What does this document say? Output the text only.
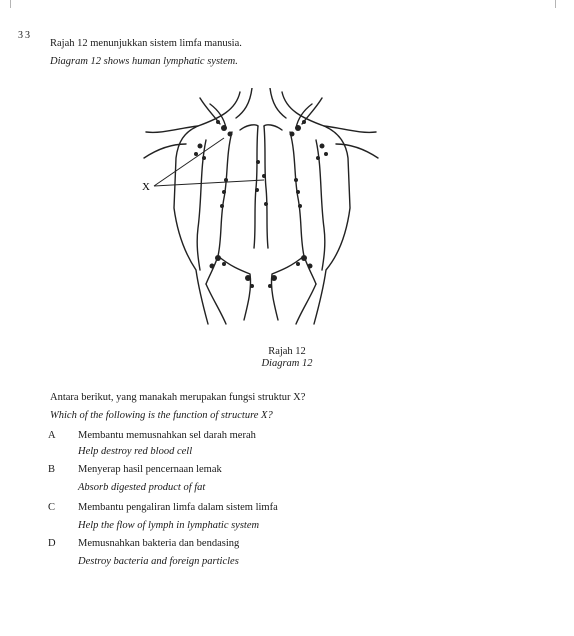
33
Rajah 12 menunjukkan sistem limfa manusia.
Diagram 12 shows human lymphatic system.
X
Rajah 12
Diagram 12
Antara berikut, yang manakah merupakan fungsi struktur X?
Which of the following is the function of structure X?
A Membantu memusnahkan sel darah merah
Help destroy red blood cell
B Menyerap hasil pencernaan lemak
Absorb digested product of fat
C Membantu pengaliran limfa dalam sistem limfa
Help the flow of lymph in lymphatic system
D Memusnahkan bakteria dan bendasing
Destroy bacteria and foreign particles
